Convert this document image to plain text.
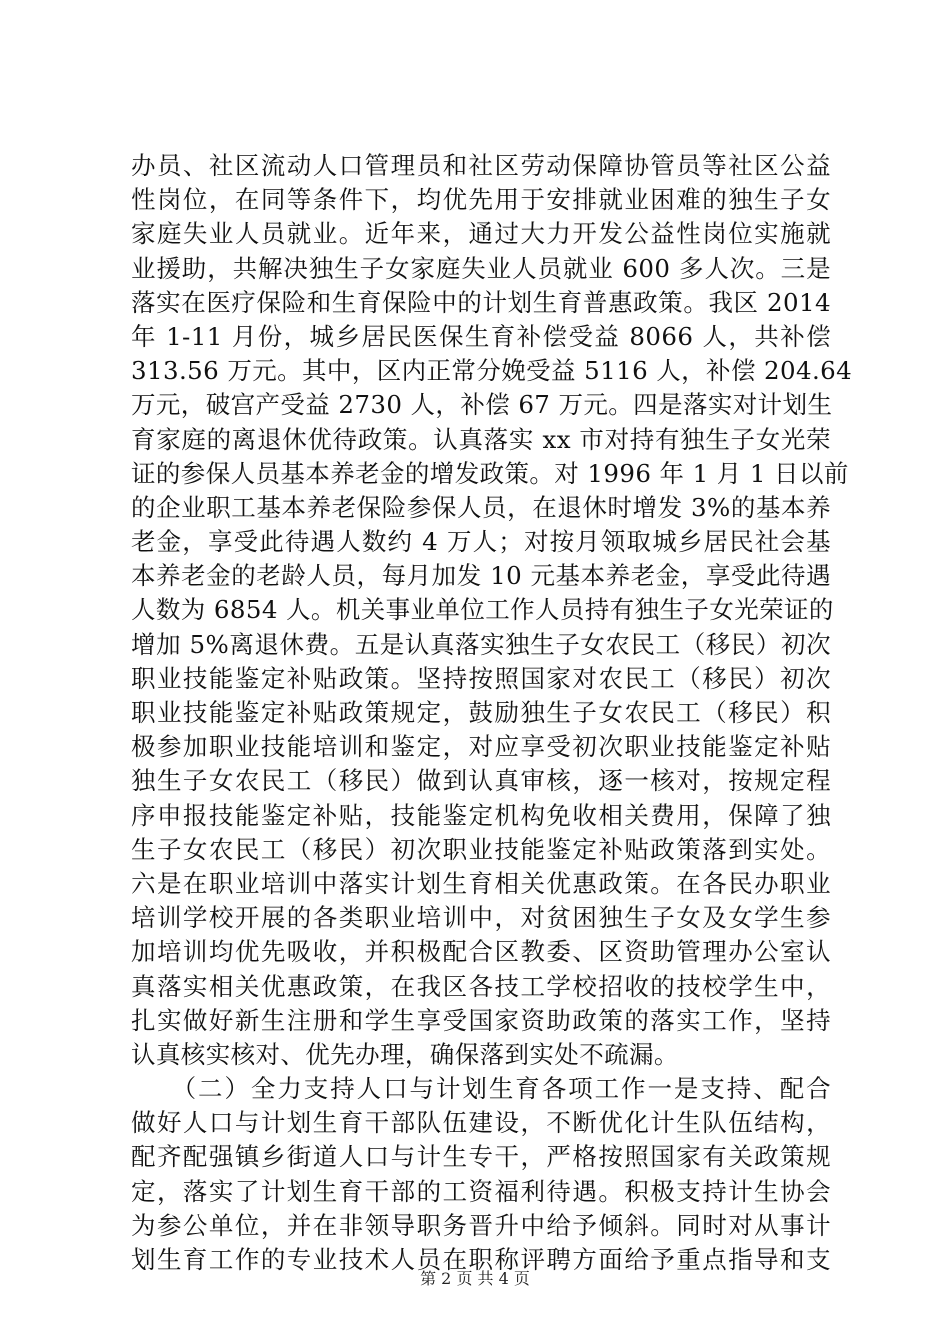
办员、社区流动人口管理员和社区劳动保障协管员等社区公益
性岗位，在同等条件下，均优先用于安排就业困难的独生子女
家庭失业人员就业。近年来，通过大力开发公益性岗位实施就
业援助，共解决独生子女家庭失业人员就业 600 多人次。三是
落实在医疗保险和生育保险中的计划生育普惠政策。我区 2014
年 1-11 月份，城乡居民医保生育补偿受益 8066 人，共补偿
313.56 万元。其中，区内正常分娩受益 5116 人，补偿 204.64
万元，破宫产受益 2730 人，补偿 67 万元。四是落实对计划生
育家庭的离退休优待政策。认真落实 xx 市对持有独生子女光荣
证的参保人员基本养老金的增发政策。对 1996 年 1 月 1 日以前
的企业职工基本养老保险参保人员，在退休时增发 3%的基本养
老金，享受此待遇人数约 4 万人；对按月领取城乡居民社会基
本养老金的老龄人员，每月加发 10 元基本养老金，享受此待遇
人数为 6854 人。机关事业单位工作人员持有独生子女光荣证的
增加 5%离退休费。五是认真落实独生子女农民工（移民）初次
职业技能鉴定补贴政策。坚持按照国家对农民工（移民）初次
职业技能鉴定补贴政策规定，鼓励独生子女农民工（移民）积
极参加职业技能培训和鉴定，对应享受初次职业技能鉴定补贴
独生子女农民工（移民）做到认真审核，逐一核对，按规定程
序申报技能鉴定补贴，技能鉴定机构免收相关费用，保障了独
生子女农民工（移民）初次职业技能鉴定补贴政策落到实处。
六是在职业培训中落实计划生育相关优惠政策。在各民办职业
培训学校开展的各类职业培训中，对贫困独生子女及女学生参
加培训均优先吸收，并积极配合区教委、区资助管理办公室认
真落实相关优惠政策，在我区各技工学校招收的技校学生中，
扎实做好新生注册和学生享受国家资助政策的落实工作，坚持
认真核实核对、优先办理，确保落到实处不疏漏。
　　（二）全力支持人口与计划生育各项工作一是支持、配合
做好人口与计划生育干部队伍建设，不断优化计生队伍结构，
配齐配强镇乡街道人口与计生专干，严格按照国家有关政策规
定，落实了计划生育干部的工资福利待遇。积极支持计生协会
为参公单位，并在非领导职务晋升中给予倾斜。同时对从事计
划生育工作的专业技术人员在职称评聘方面给予重点指导和支
第 2 页 共 4 页
